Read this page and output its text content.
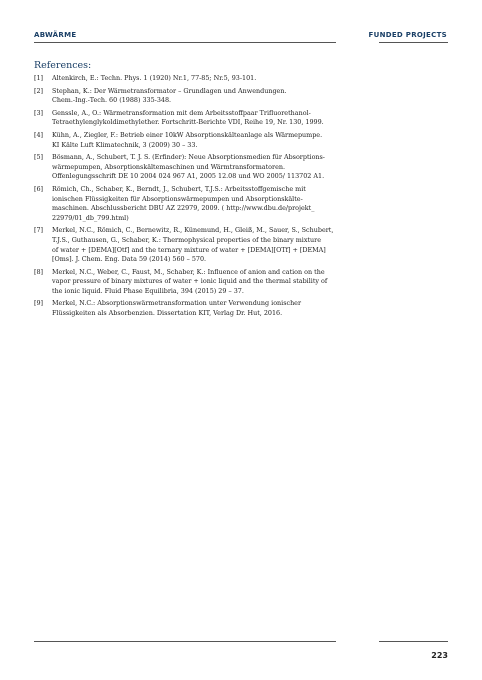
ABWÄRME	FUNDED PROJECTS
References:
[1] Altenkirch, E.: Techn. Phys. 1 (1920) Nr.1, 77-85; Nr.5, 93-101.
[2] Stephan, K.: Der Wärmetransformator – Grundlagen und Anwendungen.
Chem.-Ing.-Tech. 60 (1988) 335-348.
[3] Genssle, A., O.: Wärmetransformation mit dem Arbeitsstoffpaar Trifluorethanol-
Tetraethylenglykoldimethylether. Fortschritt-Berichte VDI, Reihe 19, Nr. 130, 1999.
[4] Kühn, A., Ziegler, F.: Betrieb einer 10kW Absorptionskälteanlage als Wärmepumpe.
KI Kälte Luft Klimatechnik, 3 (2009) 30 – 33.
[5] Bösmann, A., Schubert, T. J. S. (Erfinder): Neue Absorptionsmedien für Absorptions-
wärmepumpen, Absorptionskältemaschinen und Wärmtransformatoren.
Offenlegungsschrift DE 10 2004 024 967 A1, 2005 12.08 und WO 2005/ 113702 A1.
[6] Römich, Ch., Schaber, K., Berndt, J., Schubert, T.J.S.: Arbeitsstoffgemische mit
ionischen Flüssigkeiten für Absorptionswärmepumpen und Absorptionskälte-
maschinen. Abschlussbericht DBU AZ 22979, 2009. ( http://www.dbu.de/projekt_
22979/01_db_799.html)
[7] Merkel, N.C., Römich, C., Bernewitz, R., Künemund, H., Gleiß, M., Sauer, S., Schubert,
T.J.S., Guthausen, G., Schaber, K.: Thermophysical properties of the binary mixture
of water + [DEMA][Otf] and the ternary mixture of water + [DEMA][OTf] + [DEMA]
[Oms]. J. Chem. Eng. Data 59 (2014) 560 – 570.
[8] Merkel, N.C., Weber, C., Faust, M., Schaber, K.: Influence of anion and cation on the
vapor pressure of binary mixtures of water + ionic liquid and the thermal stability of
the ionic liquid. Fluid Phase Equilibria, 394 (2015) 29 – 37.
[9] Merkel, N.C.: Absorptionswärmetransformation unter Verwendung ionischer
Flüssigkeiten als Absorbenzien. Dissertation KIT, Verlag Dr. Hut, 2016.
223
